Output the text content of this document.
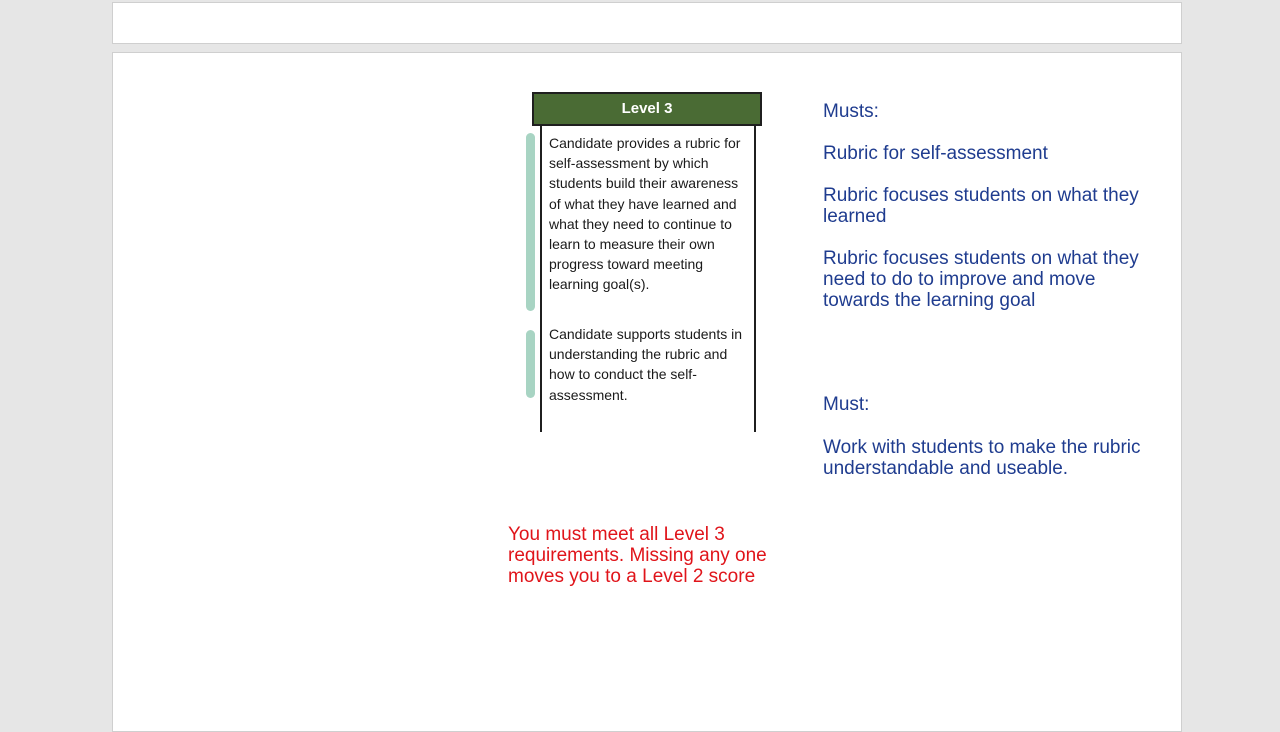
Level 3
Candidate provides a rubric for self-assessment by which students build their awareness of what they have learned and what they need to continue to learn to measure their own progress toward meeting learning goal(s).
Candidate supports students in understanding the rubric and how to conduct the self-assessment.
Musts:
Rubric for self-assessment
Rubric focuses students on what they learned
Rubric focuses students on what they need to do to improve and move towards the learning goal
Must:
Work with students to make the rubric understandable and useable.
You must meet all Level 3 requirements. Missing any one moves you to a Level 2 score
